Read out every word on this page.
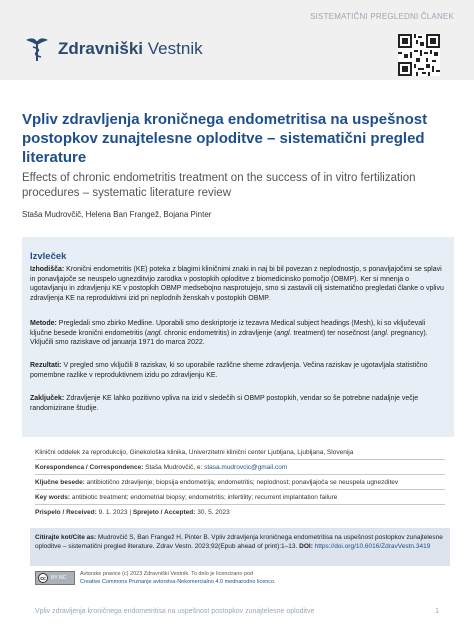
SISTEMATIČNI PREGLEDNI ČLANEK
Zdravniški Vestnik
Vpliv zdravljenja kroničnega endometritisa na uspešnost postopkov zunajtelesne oploditve – sistematični pregled literature

Effects of chronic endometritis treatment on the success of in vitro fertilization procedures – systematic literature review

Staša Mudrovčič, Helena Ban Frangež, Bojana Pinter
Izvleček

Izhodišča: Kronični endometritis (KE) poteka z blagimi kliničnimi znaki in naj bi bil povezan z neplodnostjo, s ponavljajočimi se splavi in ponavljajoče se neuspelo ugnezditvijo zarodka v postopkih oploditve z biomedicinsko pomočjo (OBMP). Ker si mnenja o ugotavljanju in zdravljenju KE v postopkih OBMP medsebojno nasprotujejo, smo si zastavili cilj sistematično pregledati članke o vplivu zdravljenja KE na reproduktivni izid pri neplodnih ženskah v postopkih OBMP.

Metode: Pregledali smo zbirko Medline. Uporabili smo deskriptorje iz tezavra Medical subject headings (Mesh), ki so vključevali ključne besede kronični endometritis (angl. chronic endometritis) in zdravljenje (angl. treatment) ter nosečnost (angl. pregnancy). Vključili smo raziskave od januarja 1971 do marca 2022.

Rezultati: V pregled smo vključili 8 raziskav, ki so uporabile različne sheme zdravljenja. Večina raziskav je ugotavljala statistično pomembne razlike v reproduktivnem izidu po zdravljenju KE.

Zaključek: Zdravljenje KE lahko pozitivno vpliva na izid v sledečih si OBMP postopkih, vendar so še potrebne nadaljnje večje randomizirane študije.

Klinični oddelek za reprodukcijo, Ginekološka klinika, Univerzitetni klinični center Ljubljana, Ljubljana, Slovenija
Korespondenca / Correspondence: Staša Mudrovčič, e: stasa.mudrovcic@gmail.com
Ključne besede: antibiotično zdravljenje; biopsija endometrija; endometritis; neplodnost; ponavljajoča se neuspela ugnezditev
Key words: antibiotic treatment; endometrial biopsy; endometritis; infertility; recurrent implantation failure
Prispelo / Received: 9. 1. 2023 | Sprejeto / Accepted: 30. 5. 2023

Citirajte kot/Cite as: Mudrovčič S, Ban Frangež H, Pinter B. Vpliv zdravljenja kroničnega endometritisa na uspešnost postopkov zunajtelesne oploditve – sistematični pregled literature. Zdrav Vestn. 2023;92(Epub ahead of print):1–13. DOI: https://doi.org/10.6016/ZdravVestn.3419

cc	BY NC

Avtorske pravice (c) 2023 Zdravniški Vestnik. To delo je licencirano pod
Creative Commons Priznanje avtorstva-Nekomercialno 4.0 mednarodno licenco.

Vpliv zdravljenja kroničnega endometritisa na uspešnost postopkov zunajtelesne oploditve	1
